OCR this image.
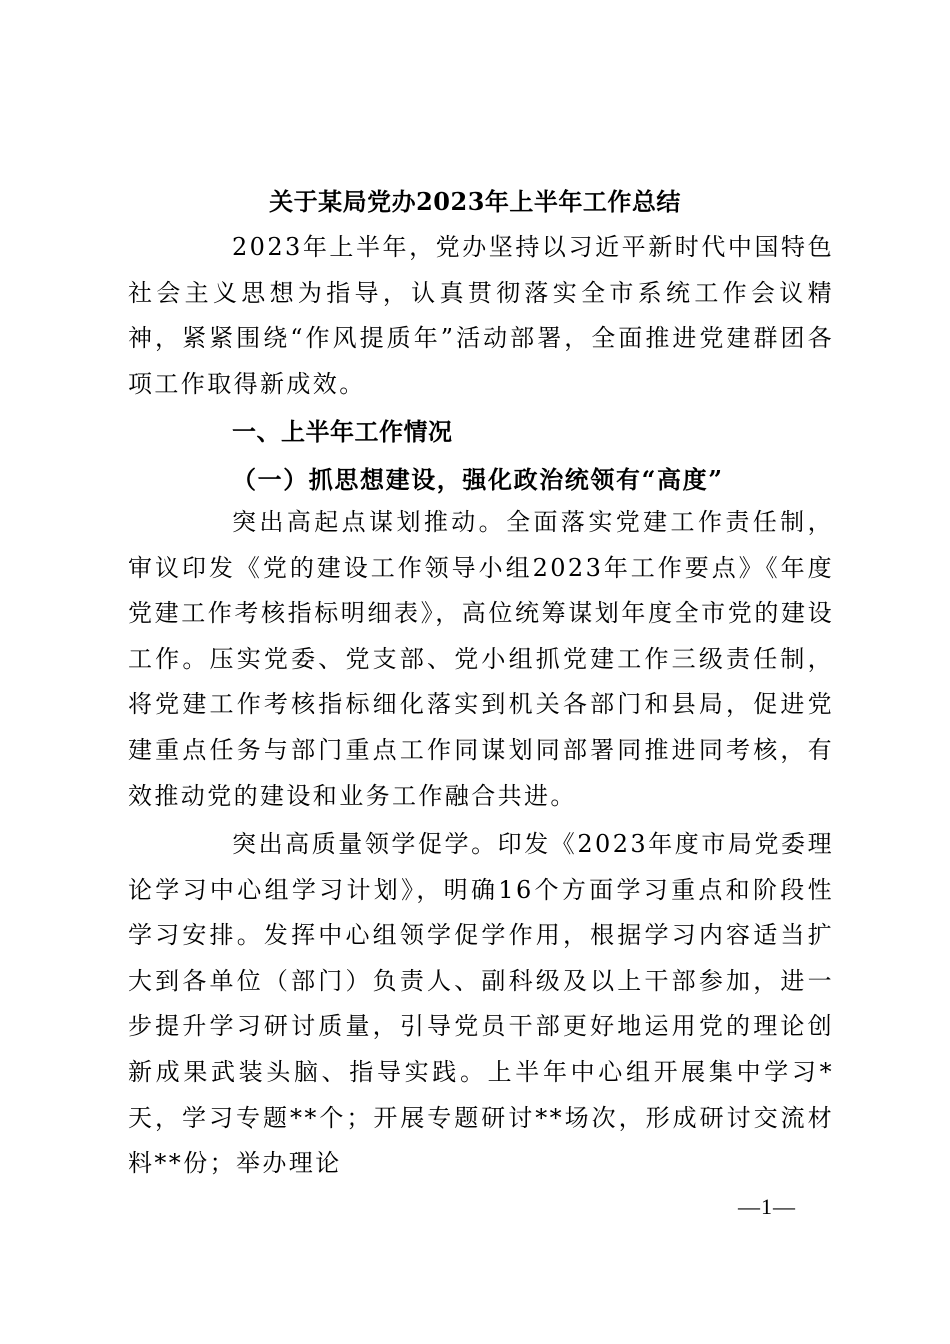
关于某局党办2023年上半年工作总结

2023年上半年，党办坚持以习近平新时代中国特色社会主义思想为指导，认真贯彻落实全市系统工作会议精神，紧紧围绕“作风提质年”活动部署，全面推进党建群团各项工作取得新成效。

一、上半年工作情况
（一）抓思想建设，强化政治统领有“高度”

突出高起点谋划推动。全面落实党建工作责任制，审议印发《党的建设工作领导小组2023年工作要点》《年度党建工作考核指标明细表》，高位统筹谋划年度全市党的建设工作。压实党委、党支部、党小组抓党建工作三级责任制，将党建工作考核指标细化落实到机关各部门和县局，促进党建重点任务与部门重点工作同谋划同部署同推进同考核，有效推动党的建设和业务工作融合共进。

突出高质量领学促学。印发《2023年度市局党委理论学习中心组学习计划》，明确16个方面学习重点和阶段性学习安排。发挥中心组领学促学作用，根据学习内容适当扩大到各单位（部门）负责人、副科级及以上干部参加，进一步提升学习研讨质量，引导党员干部更好地运用党的理论创新成果武装头脑、指导实践。上半年中心组开展集中学习*天，学习专题**个；开展专题研讨**场次，形成研讨交流材料**份；举办理论

—1—
